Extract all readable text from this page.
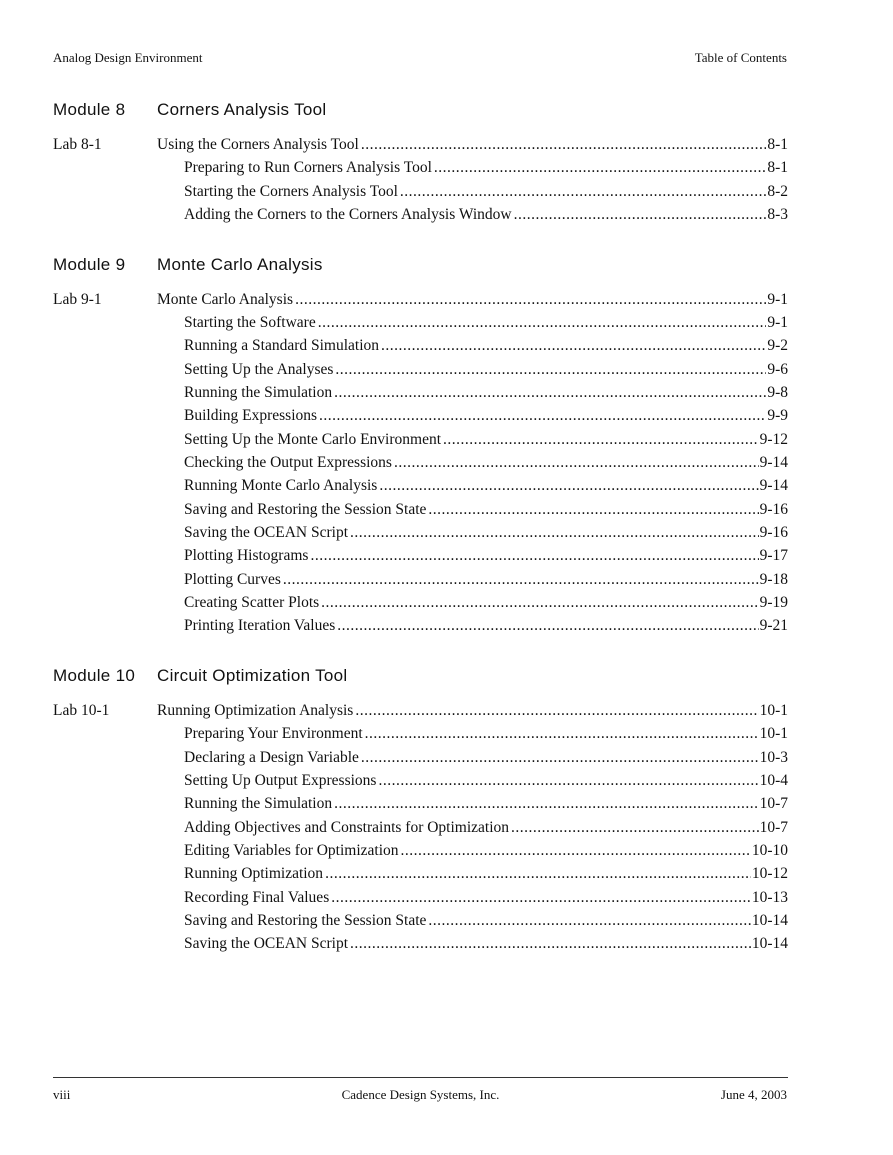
Analog Design Environment	Table of Contents
Module 8 Corners Analysis Tool
Lab 8-1	Using the Corners Analysis Tool .....	8-1
Preparing to Run Corners Analysis Tool .....	8-1
Starting the Corners Analysis Tool .....	8-2
Adding the Corners to the Corners Analysis Window .....	8-3
Module 9 Monte Carlo Analysis
Lab 9-1	Monte Carlo Analysis .....	9-1
Starting the Software .....	9-1
Running a Standard Simulation .....	9-2
Setting Up the Analyses .....	9-6
Running the Simulation .....	9-8
Building Expressions .....	9-9
Setting Up the Monte Carlo Environment .....	9-12
Checking the Output Expressions .....	9-14
Running Monte Carlo Analysis .....	9-14
Saving and Restoring the Session State .....	9-16
Saving the OCEAN Script .....	9-16
Plotting Histograms .....	9-17
Plotting Curves .....	9-18
Creating Scatter Plots .....	9-19
Printing Iteration Values .....	9-21
Module 10 Circuit Optimization Tool
Lab 10-1	Running Optimization Analysis .....	10-1
Preparing Your Environment .....	10-1
Declaring a Design Variable .....	10-3
Setting Up Output Expressions .....	10-4
Running the Simulation .....	10-7
Adding Objectives and Constraints for Optimization .....	10-7
Editing Variables for Optimization .....	10-10
Running Optimization .....	10-12
Recording Final Values .....	10-13
Saving and Restoring the Session State .....	10-14
Saving the OCEAN Script .....	10-14
viii	Cadence Design Systems, Inc.	June 4, 2003
